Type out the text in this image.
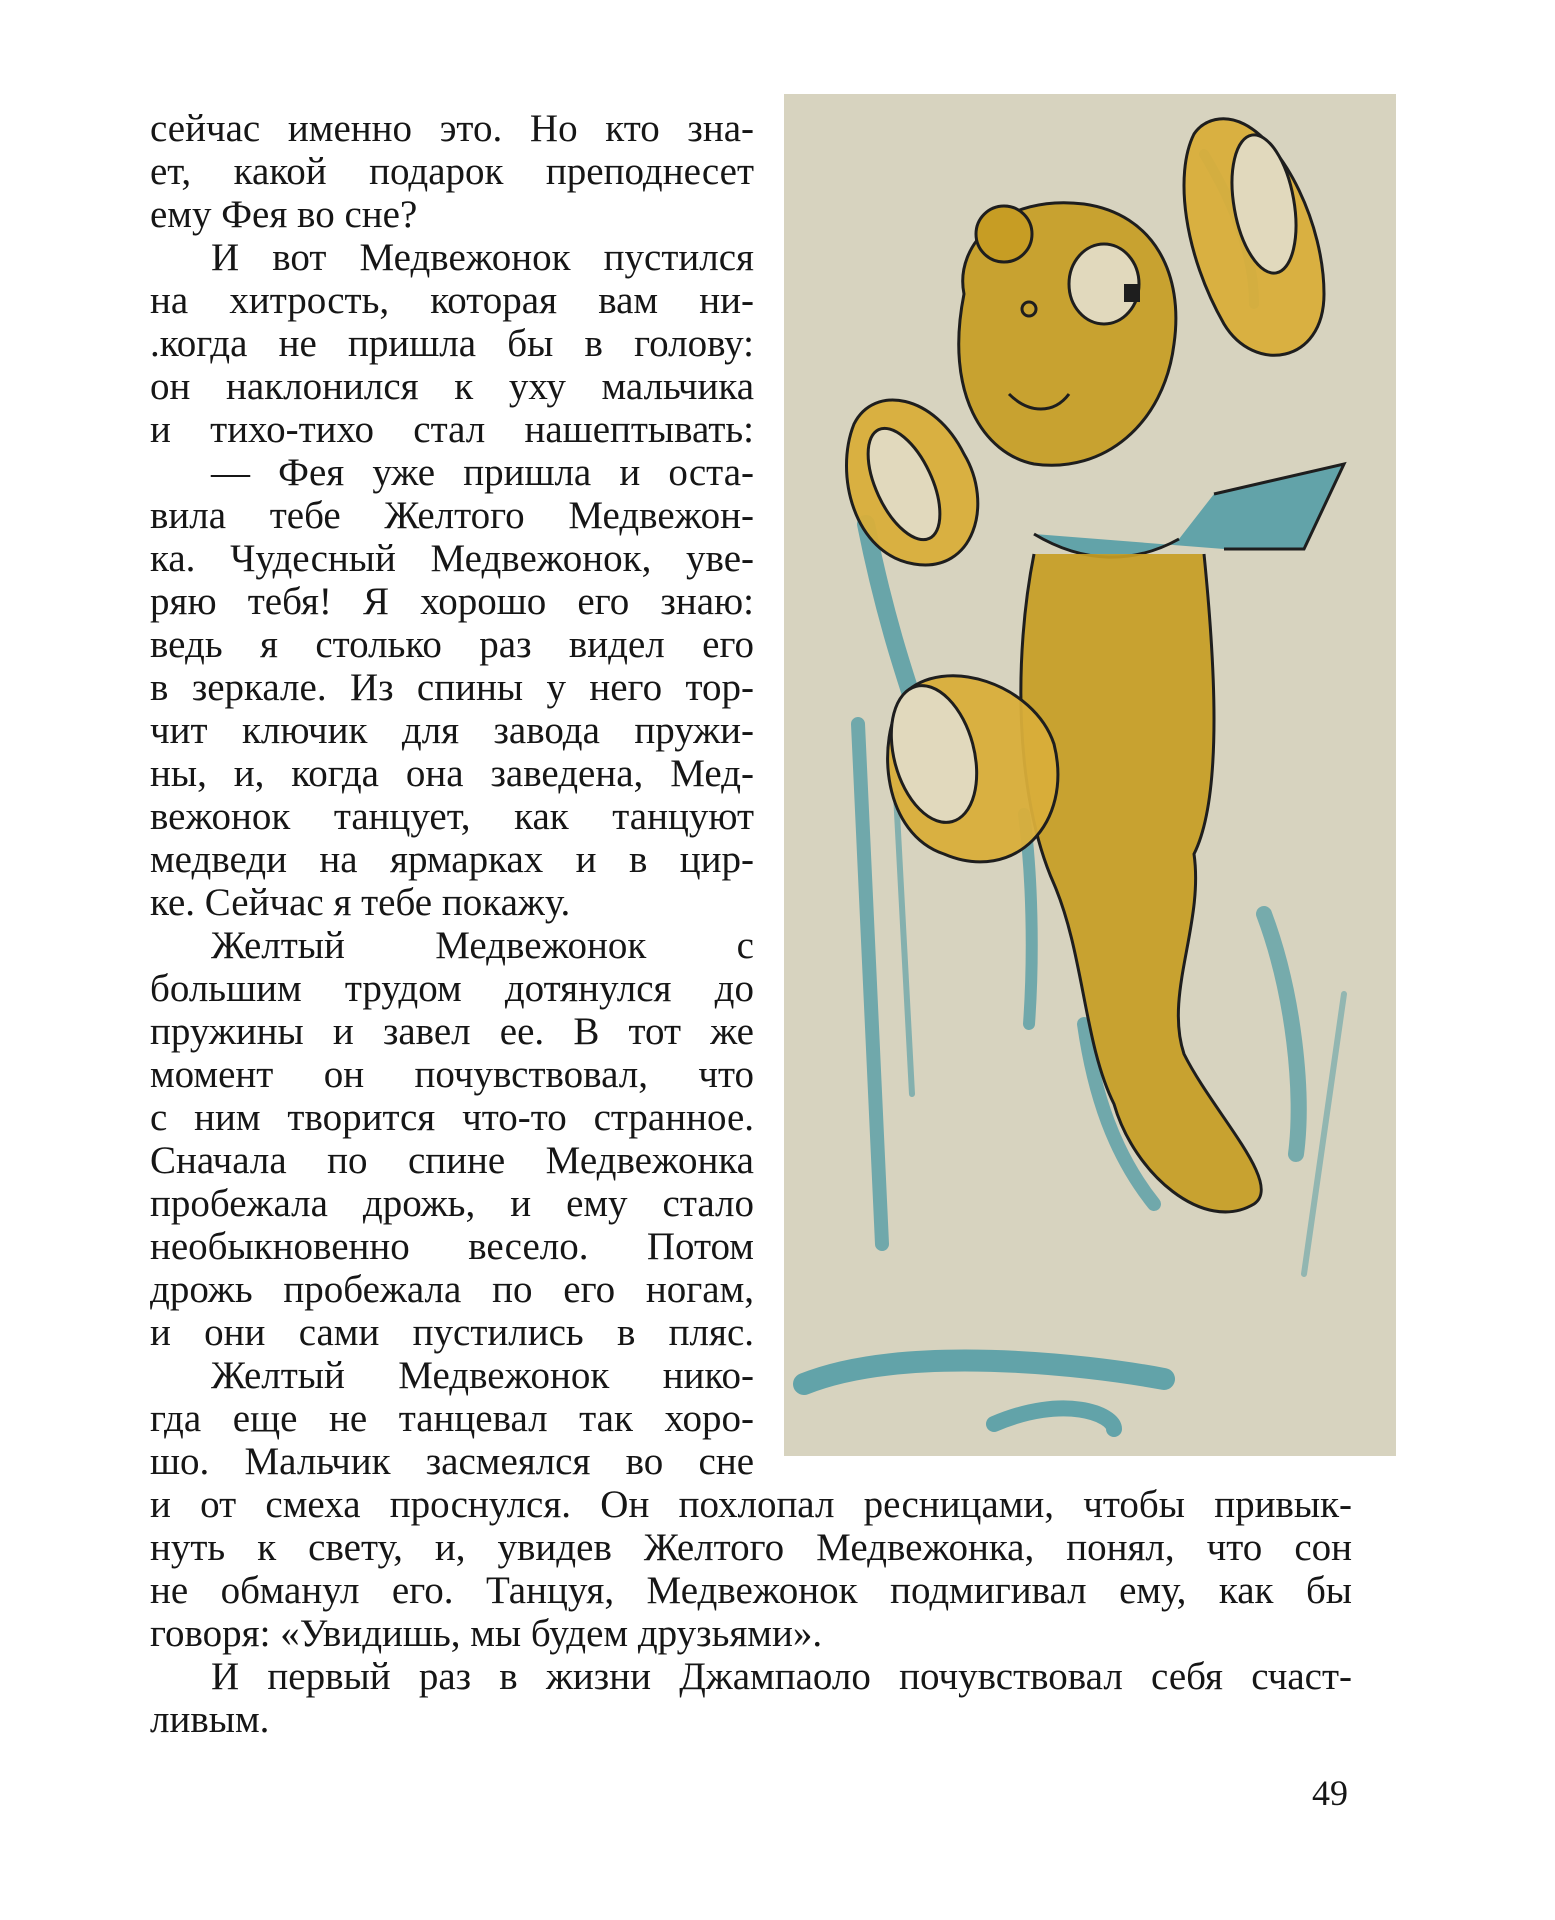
сейчас именно это. Но кто зна-
ет, какой подарок преподнесет
ему Фея во сне?
И вот Медвежонок пустился
на хитрость, которая вам ни-
.когда не пришла бы в голову:
он наклонился к уху мальчика
и тихо-тихо стал нашептывать:
— Фея уже пришла и оста-
вила тебе Желтого Медвежон-
ка. Чудесный Медвежонок, уве-
ряю тебя! Я хорошо его знаю:
ведь я столько раз видел его
в зеркале. Из спины у него тор-
чит ключик для завода пружи-
ны, и, когда она заведена, Мед-
вежонок танцует, как танцуют
медведи на ярмарках и в цир-
ке. Сейчас я тебе покажу.
Желтый Медвежонок с
большим трудом дотянулся до
пружины и завел ее. В тот же
момент он почувствовал, что
с ним творится что-то странное.
Сначала по спине Медвежонка
пробежала дрожь, и ему стало
необыкновенно весело. Потом
дрожь пробежала по его ногам,
и они сами пустились в пляс.
Желтый Медвежонок нико-
гда еще не танцевал так хоро-
шо. Мальчик засмеялся во сне
и от смеха проснулся. Он похлопал ресницами, чтобы привык-
нуть к свету, и, увидев Желтого Медвежонка, понял, что сон
не обманул его. Танцуя, Медвежонок подмигивал ему, как бы
говоря: «Увидишь, мы будем друзьями».
И первый раз в жизни Джампаоло почувствовал себя счаст-
ливым.
49
